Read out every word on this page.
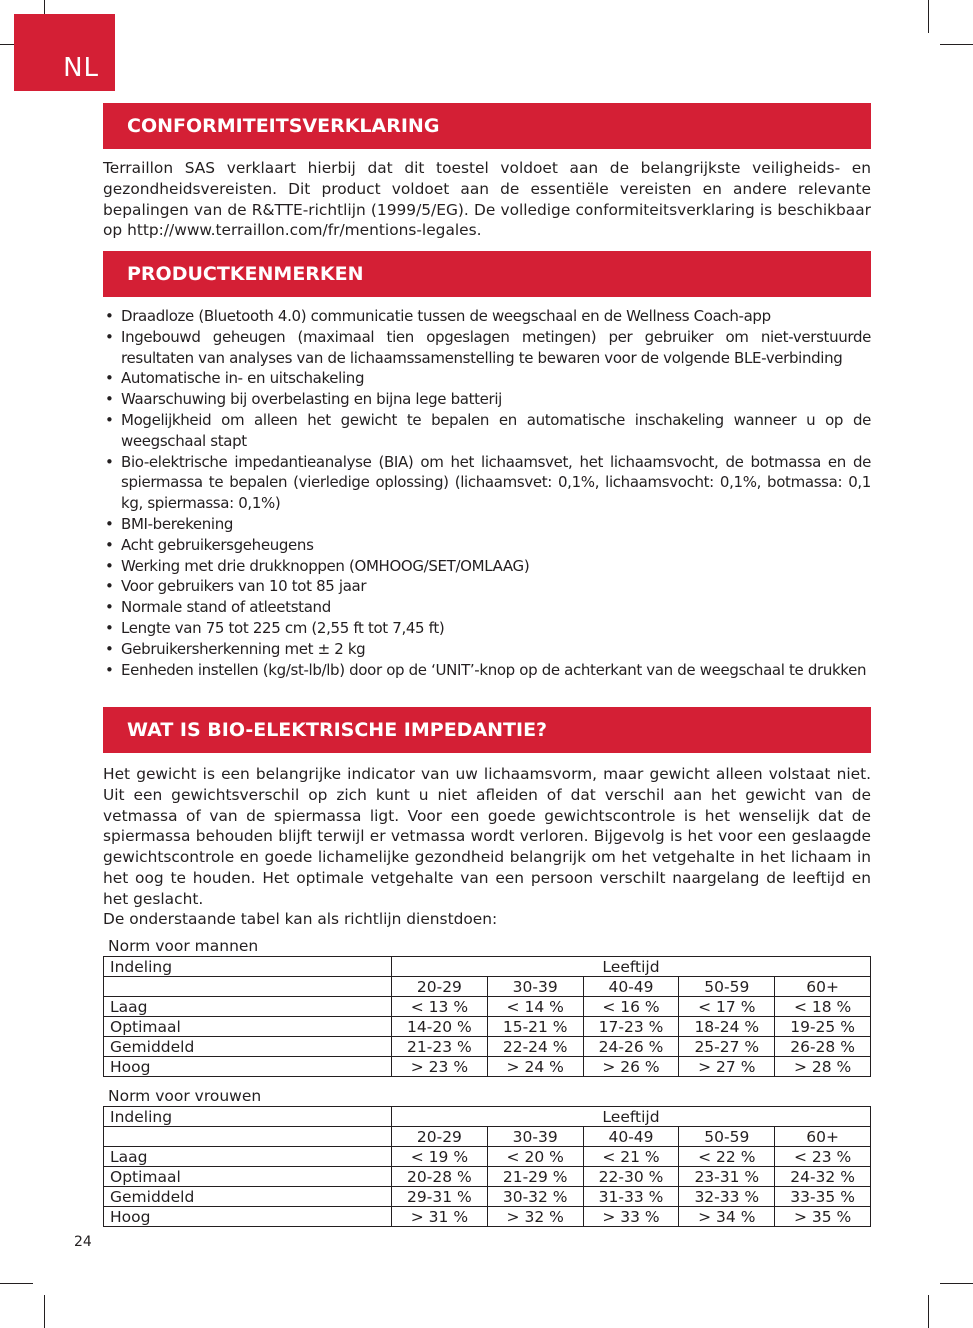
NL
CONFORMITEITSVERKLARING

Terraillon SAS verklaart hierbij dat dit toestel voldoet aan de belangrijkste veiligheids- en gezondheidsvereisten. Dit product voldoet aan de essentiële vereisten en andere relevante bepalingen van de R&TTE-richtlijn (1999/5/EG). De volledige conformiteitsverklaring is beschikbaar op http://www.terraillon.com/fr/mentions-legales.

PRODUCTKENMERKEN
• Draadloze (Bluetooth 4.0) communicatie tussen de weegschaal en de Wellness Coach-app
• Ingebouwd geheugen (maximaal tien opgeslagen metingen) per gebruiker om niet-verstuurde resultaten van analyses van de lichaamssamenstelling te bewaren voor de volgende BLE-verbinding
• Automatische in- en uitschakeling
• Waarschuwing bij overbelasting en bijna lege batterij
• Mogelijkheid om alleen het gewicht te bepalen en automatische inschakeling wanneer u op de weegschaal stapt
• Bio-elektrische impedantieanalyse (BIA) om het lichaamsvet, het lichaamsvocht, de botmassa en de spiermassa te bepalen (vierledige oplossing) (lichaamsvet: 0,1%, lichaamsvocht: 0,1%, botmassa: 0,1 kg, spiermassa: 0,1%)
• BMI-berekening
• Acht gebruikersgeheugens
• Werking met drie drukknoppen (OMHOOG/SET/OMLAAG)
• Voor gebruikers van 10 tot 85 jaar
• Normale stand of atleetstand
• Lengte van 75 tot 225 cm (2,55 ft tot 7,45 ft)
• Gebruikersherkenning met ± 2 kg
• Eenheden instellen (kg/st-lb/lb) door op de ‘UNIT’-knop op de achterkant van de weegschaal te drukken
WAT IS BIO-ELEKTRISCHE IMPEDANTIE?

Het gewicht is een belangrijke indicator van uw lichaamsvorm, maar gewicht alleen volstaat niet. Uit een gewichtsverschil op zich kunt u niet afleiden of dat verschil aan het gewicht van de vetmassa of van de spiermassa ligt. Voor een goede gewichtscontrole is het wenselijk dat de spiermassa behouden blijft terwijl er vetmassa wordt verloren. Bijgevolg is het voor een geslaagde gewichtscontrole en goede lichamelijke gezondheid belangrijk om het vetgehalte in het lichaam in het oog te houden. Het optimale vetgehalte van een persoon verschilt naargelang de leeftijd en het geslacht.

De onderstaande tabel kan als richtlijn dienstdoen:

Norm voor mannen

Indeling	Leeftijd				
	20-29	30-39	40-49	50-59	60+
Laag	< 13 %	< 14 %	< 16 %	< 17 %	< 18 %
Optimaal	14-20 %	15-21 %	17-23 %	18-24 %	19-25 %
Gemiddeld	21-23 %	22-24 %	24-26 %	25-27 %	26-28 %
Hoog	> 23 %	> 24 %	> 26 %	> 27 %	> 28 %

Norm voor vrouwen

Indeling	Leeftijd				
	20-29	30-39	40-49	50-59	60+
Laag	< 19 %	< 20 %	< 21 %	< 22 %	< 23 %
Optimaal	20-28 %	21-29 %	22-30 %	23-31 %	24-32 %
Gemiddeld	29-31 %	30-32 %	31-33 %	32-33 %	33-35 %
Hoog	> 31 %	> 32 %	> 33 %	> 34 %	> 35 %
24
